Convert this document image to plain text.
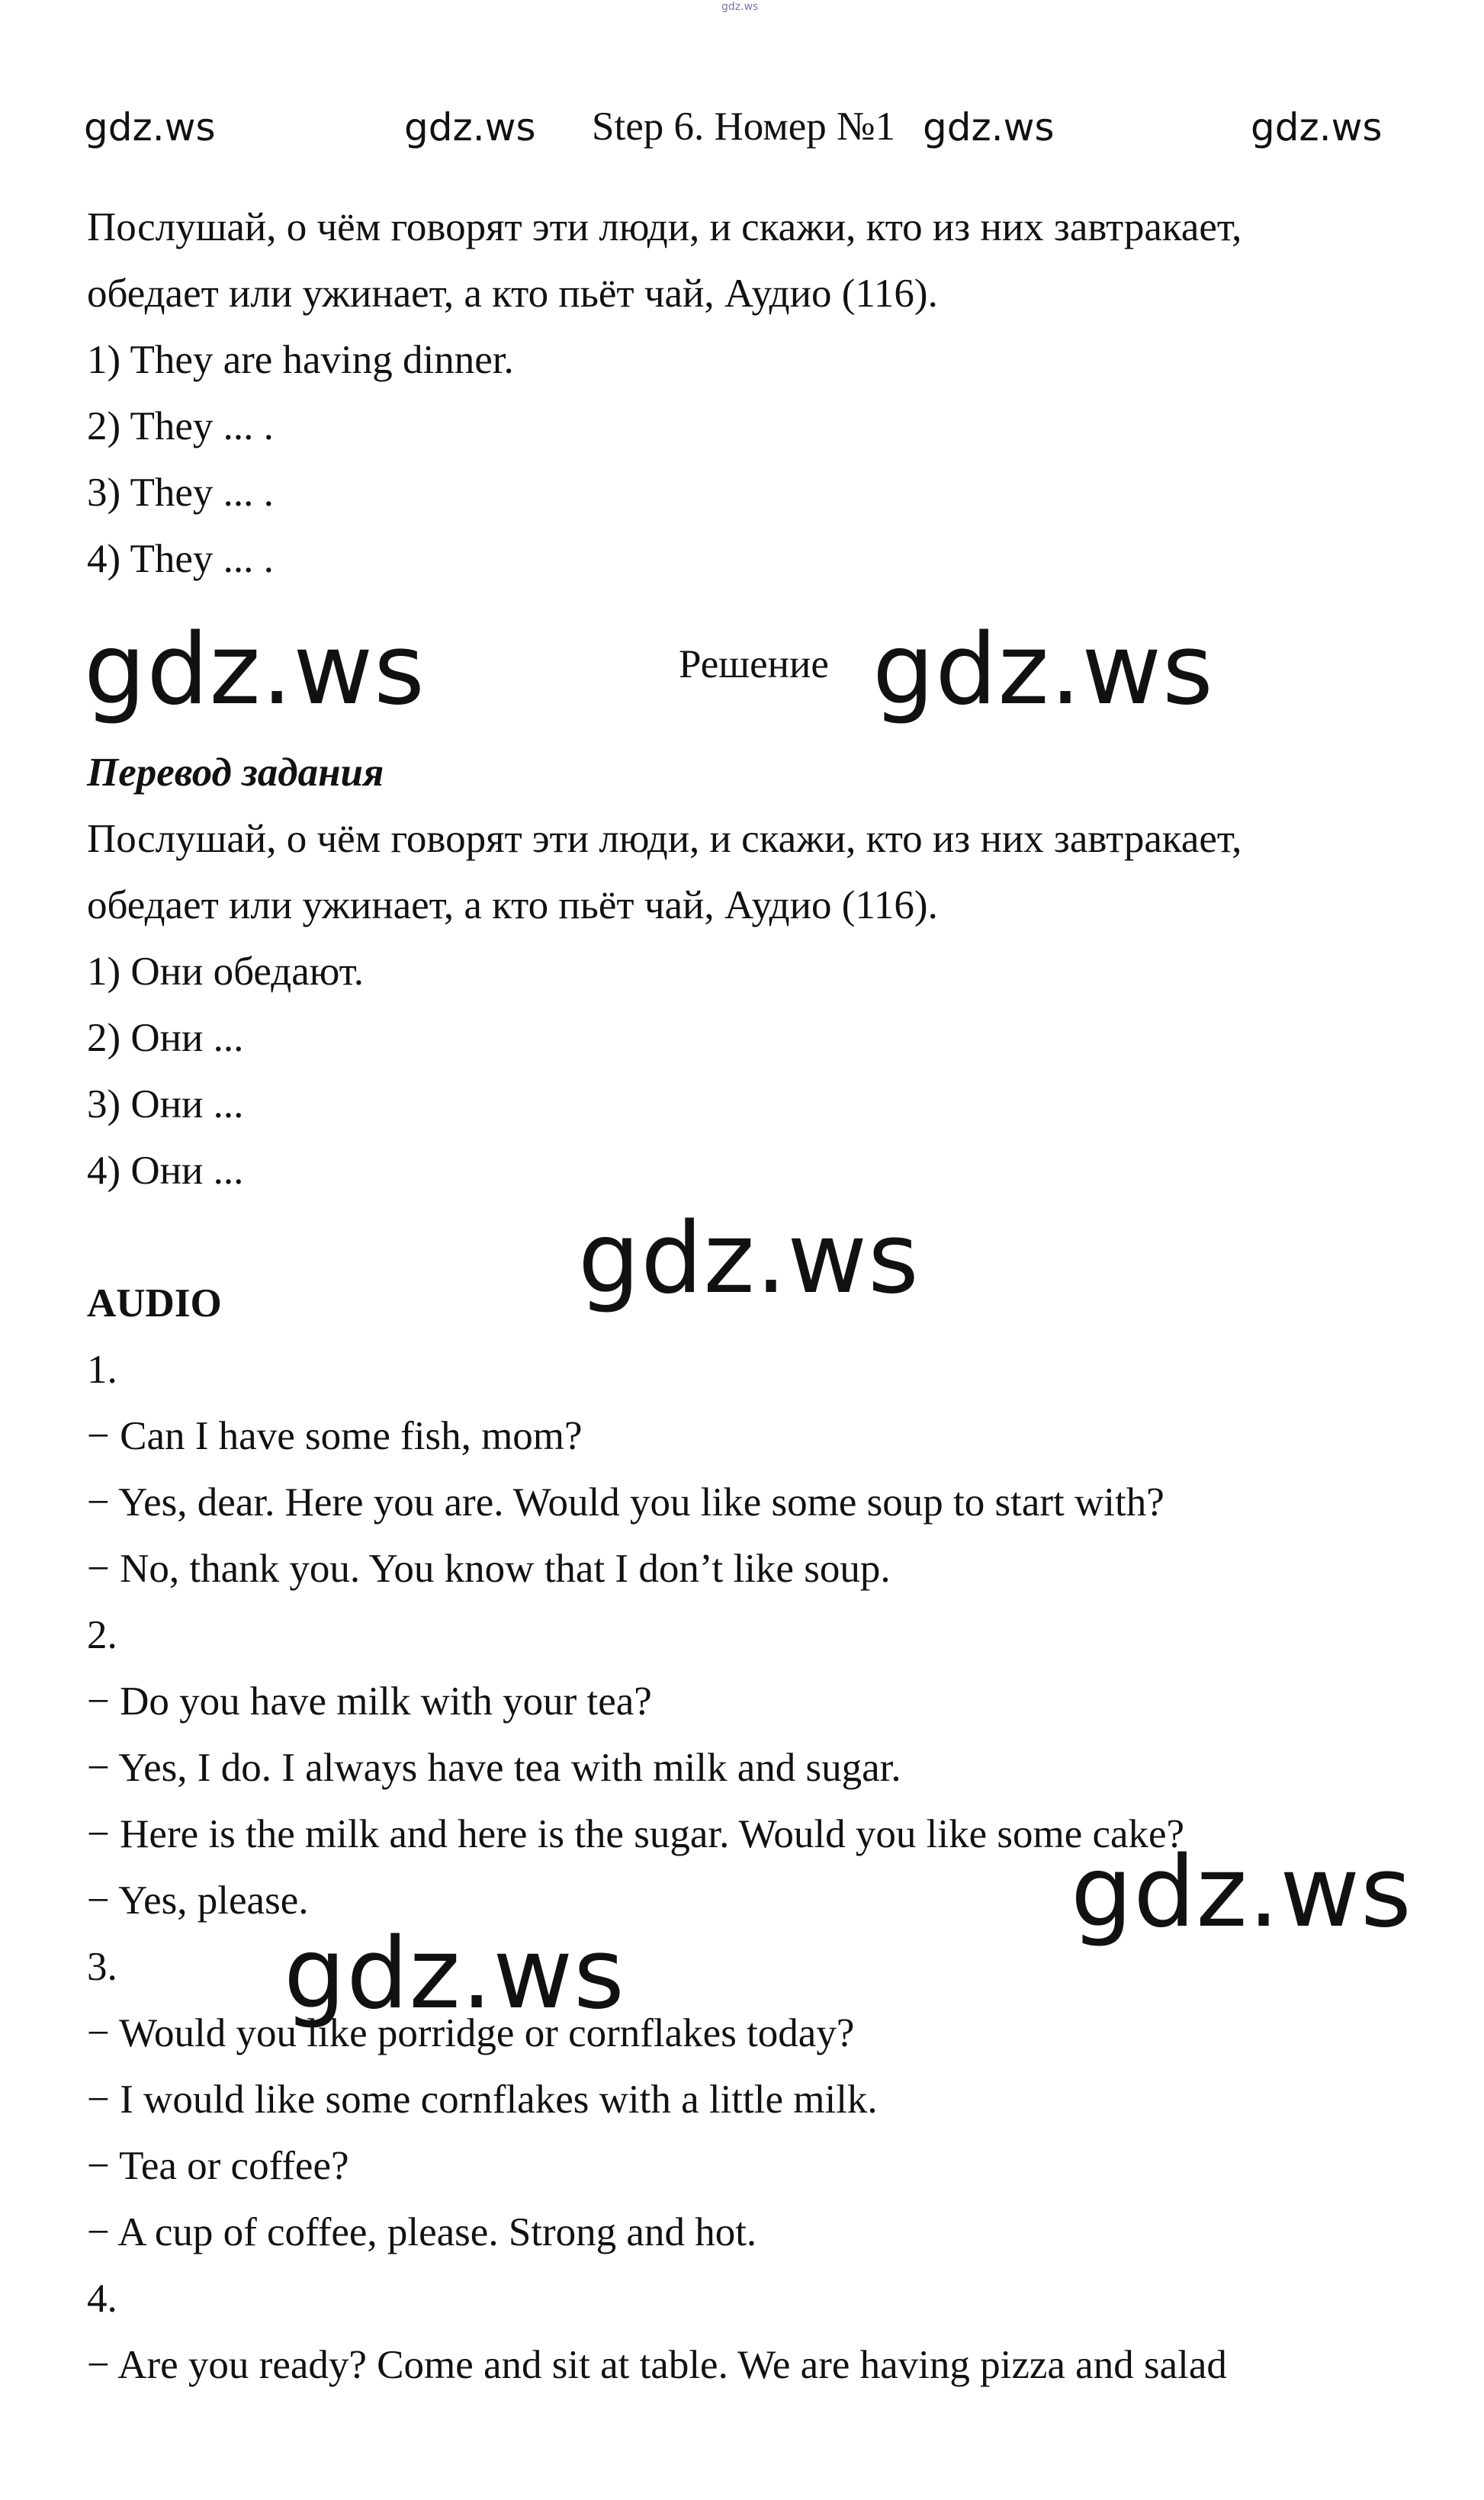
gdz.ws
gdz.ws	gdz.ws Step 6. Номер №1 gdz.ws	gdz.ws
Послушай, о чём говорят эти люди, и скажи, кто из них завтракает,
обедает или ужинает, а кто пьёт чай, Аудио (116).
1) They are having dinner.
2) They ... .
3) They ... .
4) They ... .
gdz.ws	Решение gdz.ws
Перевод задания
Послушай, о чём говорят эти люди, и скажи, кто из них завтракает,
обедает или ужинает, а кто пьёт чай, Аудио (116).
1) Они обедают.
2) Они ...
3) Они ...
4) Они ...
gdz.ws
AUDIO
1.
− Can I have some fish, mom?
− Yes, dear. Here you are. Would you like some soup to start with?
− No, thank you. You know that I don’t like soup.
2.
− Do you have milk with your tea?
− Yes, I do. I always have tea with milk and sugar.
− Here is the milk and here is the sugar. Would you like some cake?
− Yes, please.
3.
− Would you like porridge or cornflakes today?
− I would like some cornflakes with a little milk.
− Tea or coffee?
− A cup of coffee, please. Strong and hot.
4.
− Are you ready? Come and sit at table. We are having pizza and salad
gdz.ws
gdz.ws
